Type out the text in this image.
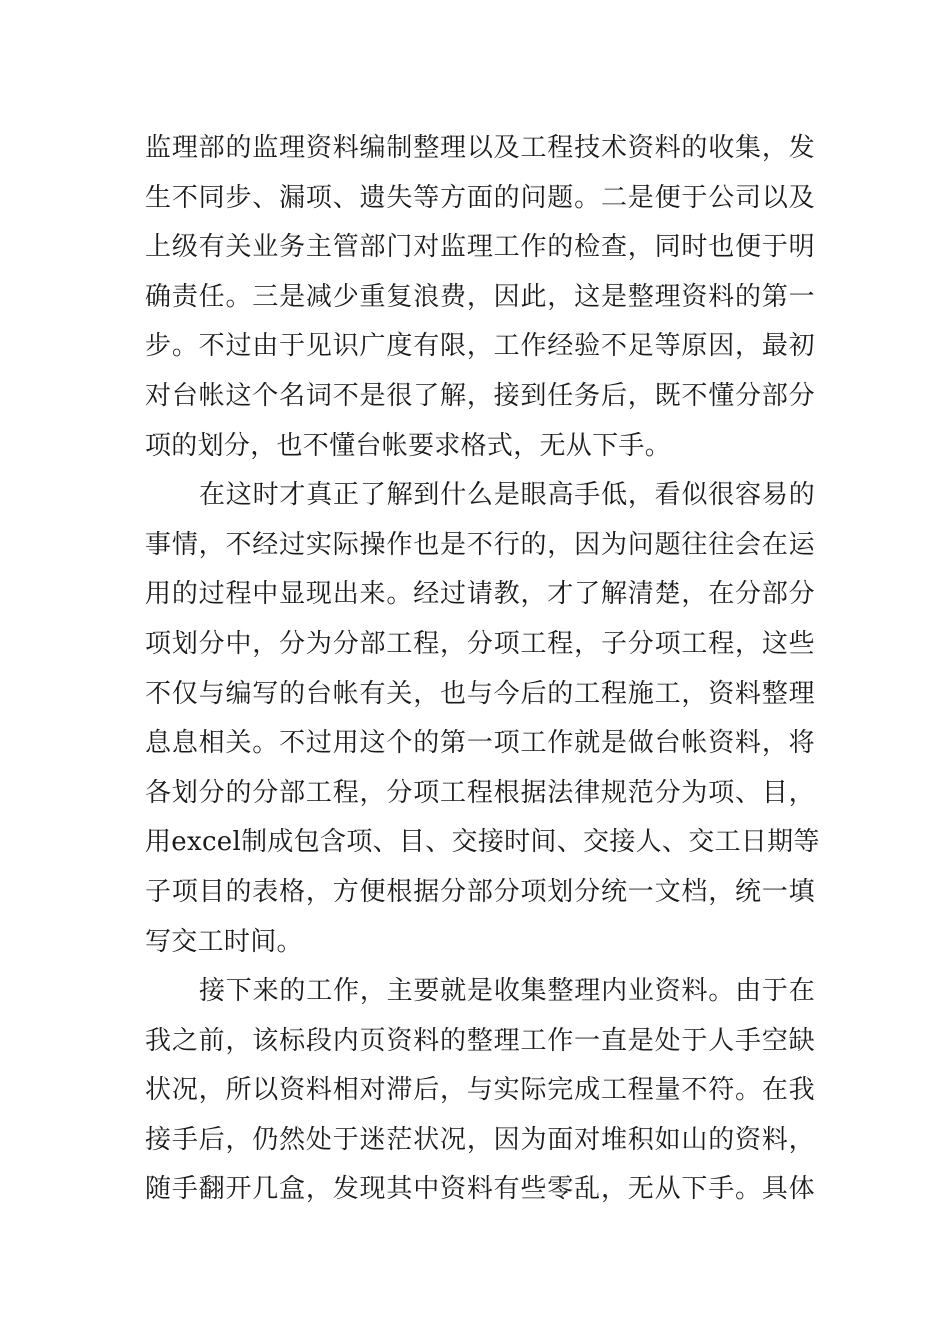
监理部的监理资料编制整理以及工程技术资料的收集，发
生不同步、漏项、遗失等方面的问题。二是便于公司以及
上级有关业务主管部门对监理工作的检查，同时也便于明
确责任。三是减少重复浪费，因此，这是整理资料的第一
步。不过由于见识广度有限，工作经验不足等原因，最初
对台帐这个名词不是很了解，接到任务后，既不懂分部分
项的划分，也不懂台帐要求格式，无从下手。
在这时才真正了解到什么是眼高手低，看似很容易的
事情，不经过实际操作也是不行的，因为问题往往会在运
用的过程中显现出来。经过请教，才了解清楚，在分部分
项划分中，分为分部工程，分项工程，子分项工程，这些
不仅与编写的台帐有关，也与今后的工程施工，资料整理
息息相关。不过用这个的第一项工作就是做台帐资料，将
各划分的分部工程，分项工程根据法律规范分为项、目，
用excel制成包含项、目、交接时间、交接人、交工日期等
子项目的表格，方便根据分部分项划分统一文档，统一填
写交工时间。
接下来的工作，主要就是收集整理内业资料。由于在
我之前，该标段内页资料的整理工作一直是处于人手空缺
状况，所以资料相对滞后，与实际完成工程量不符。在我
接手后，仍然处于迷茫状况，因为面对堆积如山的资料，
随手翻开几盒，发现其中资料有些零乱，无从下手。具体
